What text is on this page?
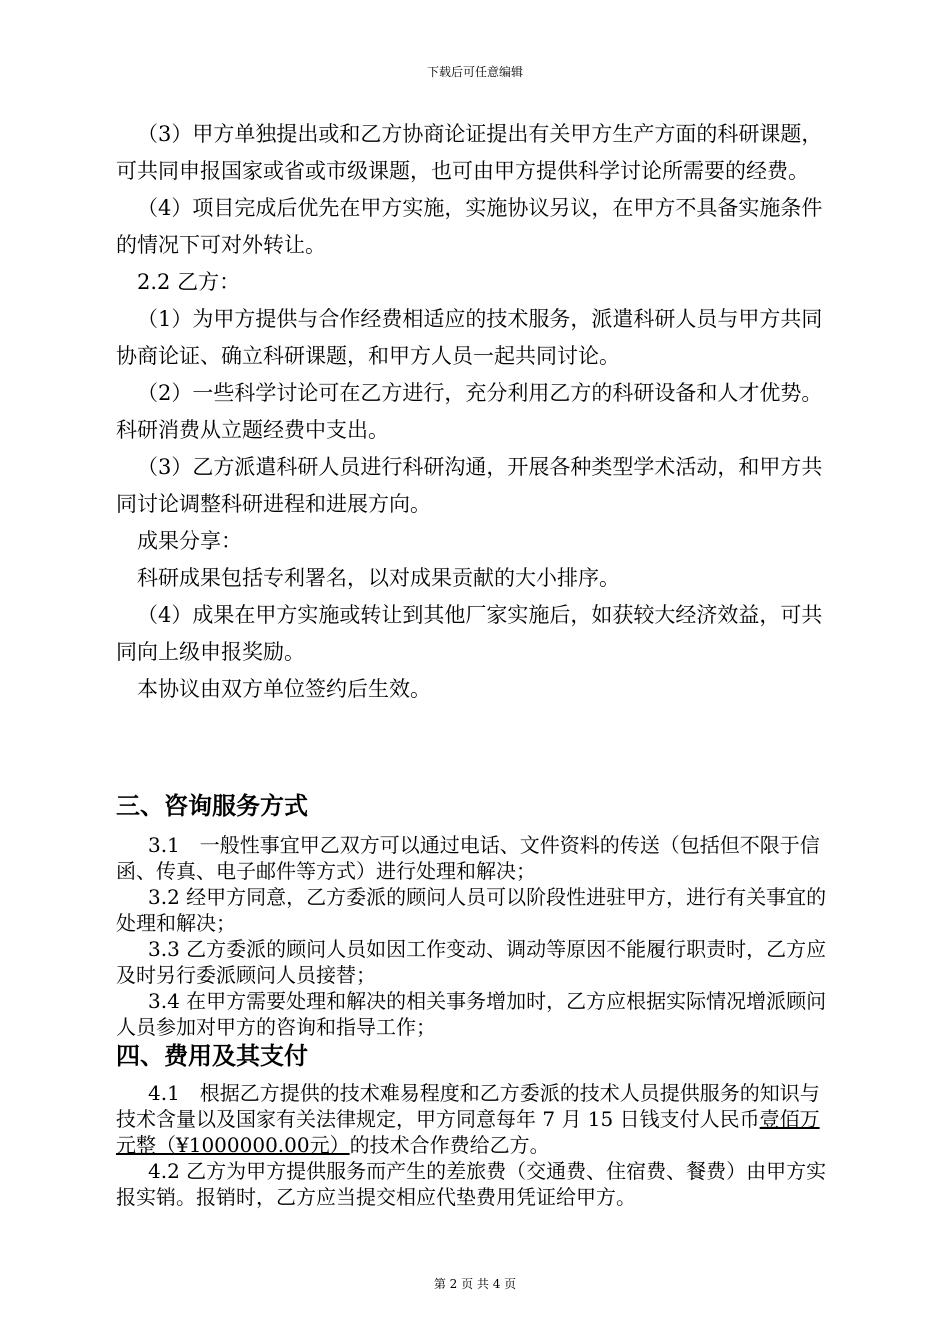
下载后可任意编辑

（3）甲方单独提出或和乙方协商论证提出有关甲方生产方面的科研课题，可共同申报国家或省或市级课题，也可由甲方提供科学讨论所需要的经费。

（4）项目完成后优先在甲方实施，实施协议另议，在甲方不具备实施条件的情况下可对外转让。

2.2 乙方：

（1）为甲方提供与合作经费相适应的技术服务，派遣科研人员与甲方共同协商论证、确立科研课题，和甲方人员一起共同讨论。

（2）一些科学讨论可在乙方进行，充分利用乙方的科研设备和人才优势。科研消费从立题经费中支出。

（3）乙方派遣科研人员进行科研沟通，开展各种类型学术活动，和甲方共同讨论调整科研进程和进展方向。

成果分享：

科研成果包括专利署名，以对成果贡献的大小排序。

（4）成果在甲方实施或转让到其他厂家实施后，如获较大经济效益，可共同向上级申报奖励。

本协议由双方单位签约后生效。

三、咨询服务方式

3.1　一般性事宜甲乙双方可以通过电话、文件资料的传送（包括但不限于信函、传真、电子邮件等方式）进行处理和解决；

3.2 经甲方同意，乙方委派的顾问人员可以阶段性进驻甲方，进行有关事宜的处理和解决；

3.3 乙方委派的顾问人员如因工作变动、调动等原因不能履行职责时，乙方应及时另行委派顾问人员接替；

3.4 在甲方需要处理和解决的相关事务增加时，乙方应根据实际情况增派顾问人员参加对甲方的咨询和指导工作；

四、费用及其支付

4.1　根据乙方提供的技术难易程度和乙方委派的技术人员提供服务的知识与技术含量以及国家有关法律规定，甲方同意每年 7 月 15 日钱支付人民币壹佰万元整（¥1000000.00元）的技术合作费给乙方。

4.2 乙方为甲方提供服务而产生的差旅费（交通费、住宿费、餐费）由甲方实报实销。报销时，乙方应当提交相应代垫费用凭证给甲方。

第 2 页 共 4 页
